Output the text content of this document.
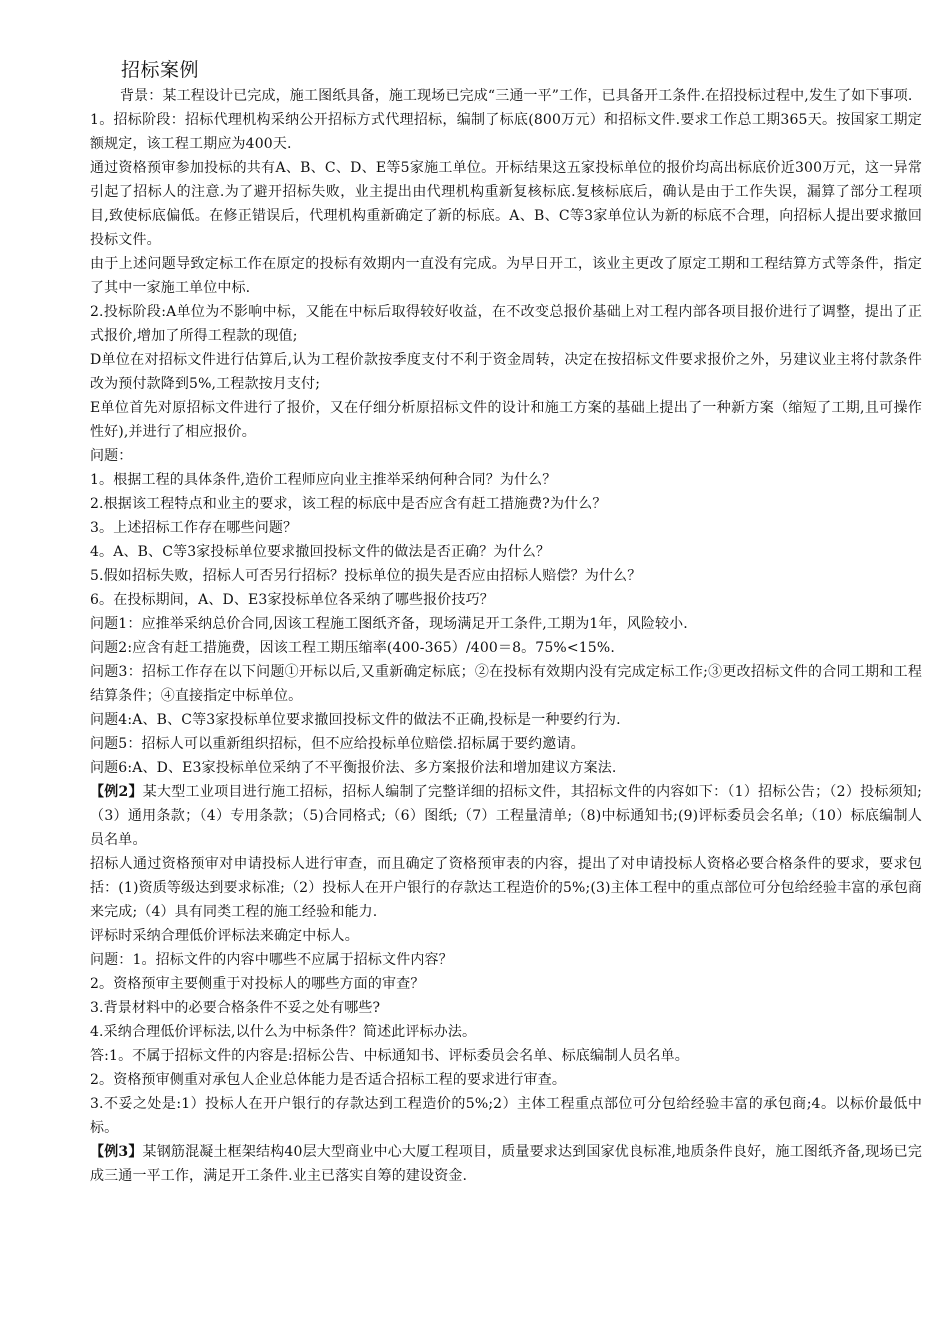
招标案例

背景：某工程设计已完成，施工图纸具备，施工现场已完成“三通一平”工作，已具备开工条件.在招投标过程中,发生了如下事项.

1。招标阶段：招标代理机构采纳公开招标方式代理招标，编制了标底(800万元）和招标文件.要求工作总工期365天。按国家工期定额规定，该工程工期应为400天.

通过资格预审参加投标的共有A、B、C、D、E等5家施工单位。开标结果这五家投标单位的报价均高出标底价近300万元，这一异常引起了招标人的注意.为了避开招标失败，业主提出由代理机构重新复核标底.复核标底后，确认是由于工作失误，漏算了部分工程项目,致使标底偏低。在修正错误后，代理机构重新确定了新的标底。A、B、C等3家单位认为新的标底不合理，向招标人提出要求撤回投标文件。

由于上述问题导致定标工作在原定的投标有效期内一直没有完成。为早日开工，该业主更改了原定工期和工程结算方式等条件，指定了其中一家施工单位中标.

2.投标阶段:A单位为不影响中标，又能在中标后取得较好收益，在不改变总报价基础上对工程内部各项目报价进行了调整，提出了正式报价,增加了所得工程款的现值;

D单位在对招标文件进行估算后,认为工程价款按季度支付不利于资金周转，决定在按招标文件要求报价之外，另建议业主将付款条件改为预付款降到5%,工程款按月支付;

E单位首先对原招标文件进行了报价，又在仔细分析原招标文件的设计和施工方案的基础上提出了一种新方案（缩短了工期,且可操作性好),并进行了相应报价。

问题：

1。根据工程的具体条件,造价工程师应向业主推举采纳何种合同？为什么？

2.根据该工程特点和业主的要求，该工程的标底中是否应含有赶工措施费?为什么？

3。上述招标工作存在哪些问题？

4。A、B、C等3家投标单位要求撤回投标文件的做法是否正确？为什么？

5.假如招标失败，招标人可否另行招标？投标单位的损失是否应由招标人赔偿？为什么？

6。在投标期间，A、D、E3家投标单位各采纳了哪些报价技巧？

问题1：应推举采纳总价合同,因该工程施工图纸齐备，现场满足开工条件,工期为1年，风险较小.

问题2:应含有赶工措施费，因该工程工期压缩率(400-365）/400＝8。75%<15%.

问题3：招标工作存在以下问题①开标以后,又重新确定标底；②在投标有效期内没有完成定标工作;③更改招标文件的合同工期和工程结算条件；④直接指定中标单位。

问题4:A、B、C等3家投标单位要求撤回投标文件的做法不正确,投标是一种要约行为.

问题5：招标人可以重新组织招标，但不应给投标单位赔偿.招标属于要约邀请。

问题6:A、D、E3家投标单位采纳了不平衡报价法、多方案报价法和增加建议方案法.

【例2】某大型工业项目进行施工招标，招标人编制了完整详细的招标文件，其招标文件的内容如下：（1）招标公告；（2）投标须知;（3）通用条款；（4）专用条款；（5)合同格式;（6）图纸;（7）工程量清单;（8)中标通知书;(9)评标委员会名单;（10）标底编制人员名单。

招标人通过资格预审对申请投标人进行审查，而且确定了资格预审表的内容，提出了对申请投标人资格必要合格条件的要求，要求包括：(1)资质等级达到要求标准;（2）投标人在开户银行的存款达工程造价的5%;(3)主体工程中的重点部位可分包给经验丰富的承包商来完成;（4）具有同类工程的施工经验和能力.

评标时采纳合理低价评标法来确定中标人。

问题：1。招标文件的内容中哪些不应属于招标文件内容？

2。资格预审主要侧重于对投标人的哪些方面的审查？

3.背景材料中的必要合格条件不妥之处有哪些?

4.采纳合理低价评标法,以什么为中标条件？简述此评标办法。

答:1。不属于招标文件的内容是:招标公告、中标通知书、评标委员会名单、标底编制人员名单。

2。资格预审侧重对承包人企业总体能力是否适合招标工程的要求进行审查。

3.不妥之处是:1）投标人在开户银行的存款达到工程造价的5%;2）主体工程重点部位可分包给经验丰富的承包商;4。以标价最低中标。

【例3】某钢筋混凝土框架结构40层大型商业中心大厦工程项目，质量要求达到国家优良标准,地质条件良好，施工图纸齐备,现场已完成三通一平工作，满足开工条件.业主已落实自筹的建设资金.
